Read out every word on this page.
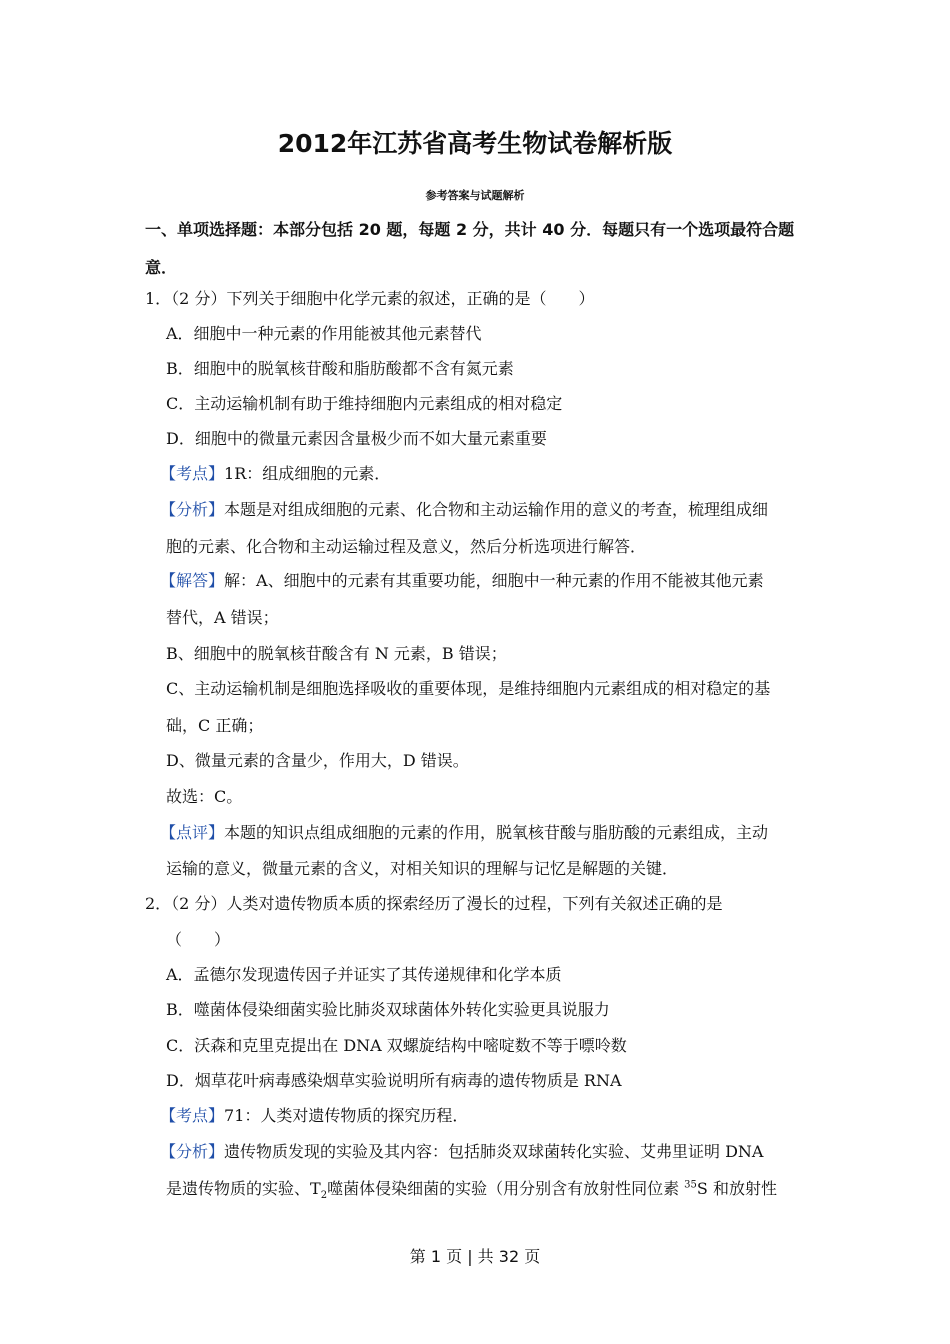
2012年江苏省高考生物试卷解析版
参考答案与试题解析
一、单项选择题：本部分包括 20 题，每题 2 分，共计 40 分．每题只有一个选项最符合题
意．
1．（2 分）下列关于细胞中化学元素的叙述，正确的是（　　）
A．细胞中一种元素的作用能被其他元素替代
B．细胞中的脱氧核苷酸和脂肪酸都不含有氮元素
C．主动运输机制有助于维持细胞内元素组成的相对稳定
D．细胞中的微量元素因含量极少而不如大量元素重要
【考点】1R：组成细胞的元素．
【分析】本题是对组成细胞的元素、化合物和主动运输作用的意义的考查，梳理组成细
胞的元素、化合物和主动运输过程及意义，然后分析选项进行解答．
【解答】解：A、细胞中的元素有其重要功能，细胞中一种元素的作用不能被其他元素
替代，A 错误；
B、细胞中的脱氧核苷酸含有 N 元素，B 错误；
C、主动运输机制是细胞选择吸收的重要体现，是维持细胞内元素组成的相对稳定的基
础，C 正确；
D、微量元素的含量少，作用大，D 错误。
故选：C。
【点评】本题的知识点组成细胞的元素的作用，脱氧核苷酸与脂肪酸的元素组成，主动
运输的意义，微量元素的含义，对相关知识的理解与记忆是解题的关键．
2．（2 分）人类对遗传物质本质的探索经历了漫长的过程，下列有关叙述正确的是
（　　）
A．孟德尔发现遗传因子并证实了其传递规律和化学本质
B．噬菌体侵染细菌实验比肺炎双球菌体外转化实验更具说服力
C．沃森和克里克提出在 DNA 双螺旋结构中嘧啶数不等于嘌呤数
D．烟草花叶病毒感染烟草实验说明所有病毒的遗传物质是 RNA
【考点】71：人类对遗传物质的探究历程．
【分析】遗传物质发现的实验及其内容：包括肺炎双球菌转化实验、艾弗里证明 DNA
是遗传物质的实验、$T_2$噬菌体侵染细菌的实验（用分别含有放射性同位素 $^{35}$S 和放射性
第 1 页 | 共 32 页
